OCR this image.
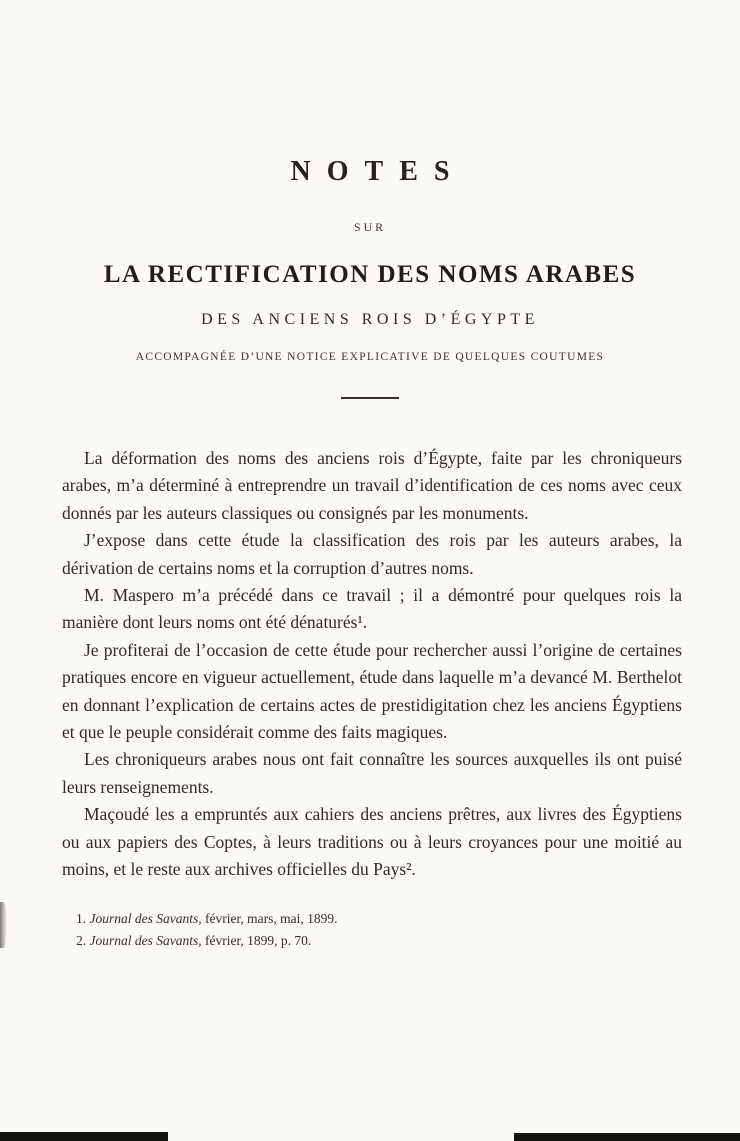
NOTES
SUR
LA RECTIFICATION DES NOMS ARABES
DES ANCIENS ROIS D’ÉGYPTE
ACCOMPAGNÉE D’UNE NOTICE EXPLICATIVE DE QUELQUES COUTUMES

La déformation des noms des anciens rois d’Égypte, faite par les chroniqueurs arabes, m’a déterminé à entreprendre un travail d’identification de ces noms avec ceux donnés par les auteurs classiques ou consignés par les monuments.

J’expose dans cette étude la classification des rois par les auteurs arabes, la dérivation de certains noms et la corruption d’autres noms.

M. Maspero m’a précédé dans ce travail ; il a démontré pour quelques rois la manière dont leurs noms ont été dénaturés¹.

Je profiterai de l’occasion de cette étude pour rechercher aussi l’origine de certaines pratiques encore en vigueur actuellement, étude dans laquelle m’a devancé M. Berthelot en donnant l’explication de certains actes de prestidigitation chez les anciens Égyptiens et que le peuple considérait comme des faits magiques.

Les chroniqueurs arabes nous ont fait connaître les sources auxquelles ils ont puisé leurs renseignements.

Maçoudé les a empruntés aux cahiers des anciens prêtres, aux livres des Égyptiens ou aux papiers des Coptes, à leurs traditions ou à leurs croyances pour une moitié au moins, et le reste aux archives officielles du Pays².

1. Journal des Savants, février, mars, mai, 1899.
2. Journal des Savants, février, 1899, p. 70.
